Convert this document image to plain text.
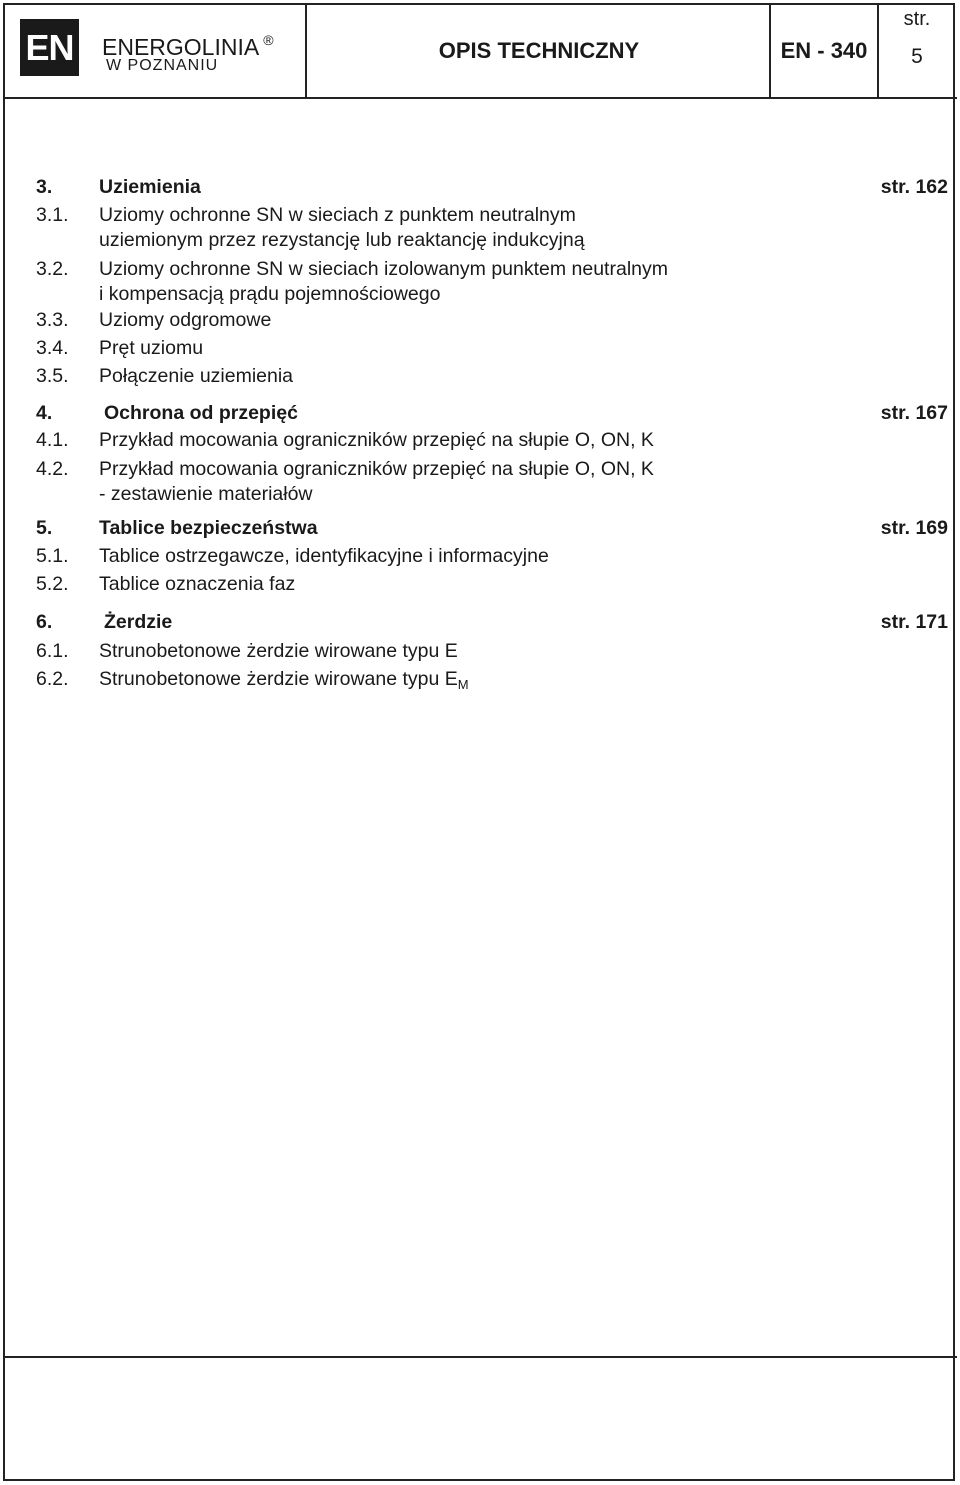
EN ENERGOLINIA ®
W POZNANIU
OPIS TECHNICZNY	EN - 340
str.
5
3. Uziemienia	str. 162
3.1. Uziomy ochronne SN w sieciach z punktem neutralnym
uziemionym przez rezystancję lub reaktancję indukcyjną
3.2. Uziomy ochronne SN w sieciach izolowanym punktem neutralnym
i kompensacją prądu pojemnościowego
3.3. Uziomy odgromowe
3.4. Pręt uziomu
3.5. Połączenie uziemienia
4.	Ochrona od przepięć	str. 167
4.1. Przykład mocowania ograniczników przepięć na słupie O, ON, K
4.2. Przykład mocowania ograniczników przepięć na słupie O, ON, K
- zestawienie materiałów
5. Tablice bezpieczeństwa	str. 169
5.1. Tablice ostrzegawcze, identyfikacyjne i informacyjne
5.2. Tablice oznaczenia faz
6.	Żerdzie	str. 171
6.1. Strunobetonowe żerdzie wirowane typu E
6.2. Strunobetonowe żerdzie wirowane typu $E_M$
